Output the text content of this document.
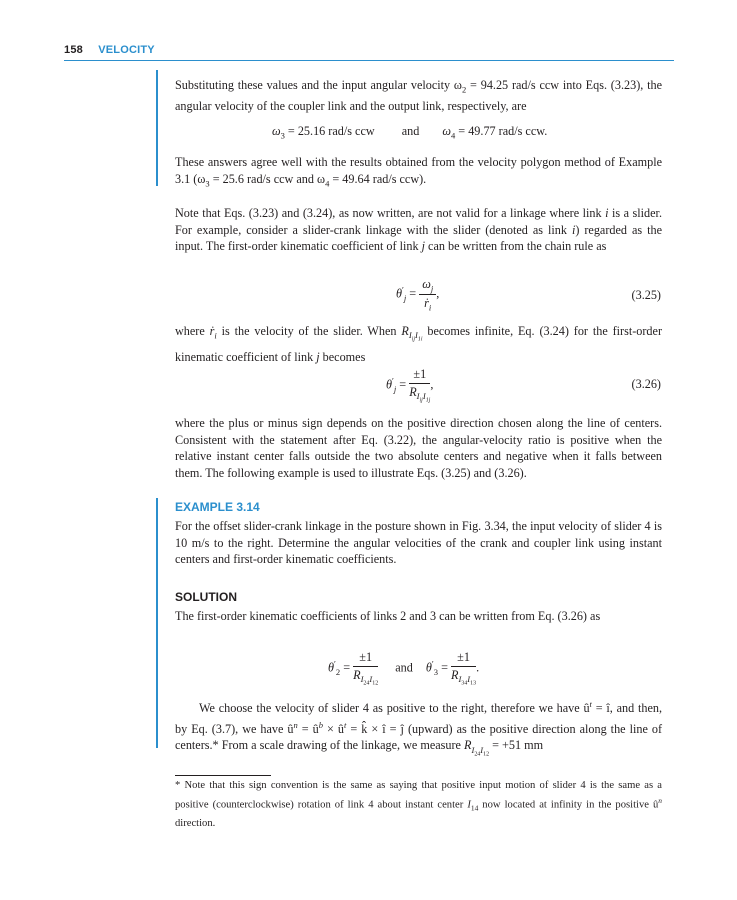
158 VELOCITY

Substituting these values and the input angular velocity $\omega_2 = 94.25$ rad/s ccw into Eqs. (3.23), the angular velocity of the coupler link and the output link, respectively, are

$\omega_3 = 25.16$ rad/s ccw and $\omega_4 = 49.77$ rad/s ccw.

These answers agree well with the results obtained from the velocity polygon method of Example 3.1 ($\omega_3 = 25.6$ rad/s ccw and $\omega_4 = 49.64$ rad/s ccw).

Note that Eqs. (3.23) and (3.24), as now written, are not valid for a linkage where link i is a slider. For example, consider a slider-crank linkage with the slider (denoted as link i) regarded as the input. The first-order kinematic coefficient of link j can be written from the chain rule as

$\theta'_j = \frac{\omega_j}{ṙ_i}$ ,	(3.25)

where ṙ$_i$ is the velocity of the slider. When $R_{I_{ij}I_{1i}}$ becomes infinite, Eq. (3.24) for the first-order kinematic coefficient of link j becomes

$\theta'_j = \frac{\pm 1}{R_{I_{ij}I_{1j}}}$ ,	(3.26)

where the plus or minus sign depends on the positive direction chosen along the line of centers. Consistent with the statement after Eq. (3.22), the angular-velocity ratio is positive when the relative instant center falls outside the two absolute centers and negative when it falls between them. The following example is used to illustrate Eqs. (3.25) and (3.26).

EXAMPLE 3.14

For the offset slider-crank linkage in the posture shown in Fig. 3.34, the input velocity of slider 4 is 10 m/s to the right. Determine the angular velocities of the crank and coupler link using instant centers and first-order kinematic coefficients.

SOLUTION

The first-order kinematic coefficients of links 2 and 3 can be written from Eq. (3.26) as

$\theta'_2 = \frac{\pm 1}{R_{I_{24}I_{12}}}$ and $\theta'_3 = \frac{\pm 1}{R_{I_{34}I_{13}}}$ .

We choose the velocity of slider 4 as positive to the right, therefore we have $û^t$ = î, and then, by Eq. (3.7), we have $û^n$ = $û^b$ × $û^t$ = k̂ × î = ĵ (upward) as the positive direction along the line of centers.* From a scale drawing of the linkage, we measure $R_{I_{24}I_{12}} = +51$ mm

* Note that this sign convention is the same as saying that positive input motion of slider 4 is the same as a positive (counterclockwise) rotation of link 4 about instant center $I_{14}$ now located at infinity in the positive $û^n$ direction.
